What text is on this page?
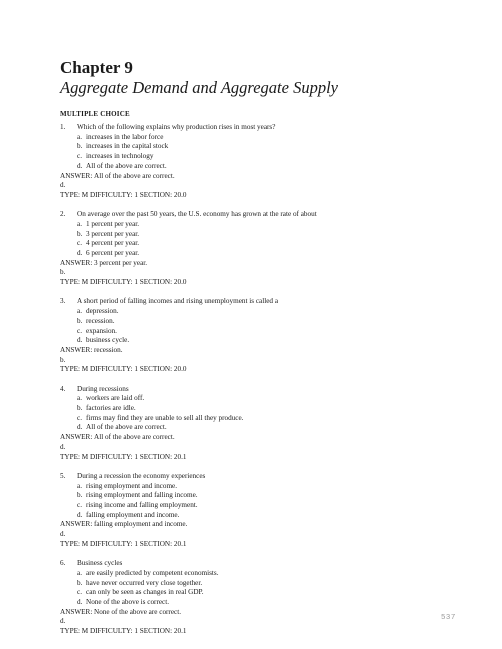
Chapter 9
Aggregate Demand and Aggregate Supply
MULTIPLE CHOICE
1.	Which of the following explains why production rises in most years?
a. increases in the labor force
b. increases in the capital stock
c. increases in technology
d. All of the above are correct.
ANSWER: d.
All of the above are correct.
TYPE: M DIFFICULTY: 1 SECTION: 20.0
2.	On average over the past 50 years, the U.S. economy has grown at the rate of about
a. 1 percent per year.
b. 3 percent per year.
c. 4 percent per year.
d. 6 percent per year.
ANSWER: b.
3 percent per year.
TYPE: M DIFFICULTY: 1 SECTION: 20.0
3.	A short period of falling incomes and rising unemployment is called a
a. depression.
b. recession.
c. expansion.
d. business cycle.
ANSWER: b.
recession.
TYPE: M DIFFICULTY: 1 SECTION: 20.0
4.	During recessions
a. workers are laid off.
b. factories are idle.
c. firms may find they are unable to sell all they produce.
d. All of the above are correct.
ANSWER: d.
All of the above are correct.
TYPE: M DIFFICULTY: 1 SECTION: 20.1
5.	During a recession the economy experiences
a. rising employment and income.
b. rising employment and falling income.
c. rising income and falling employment.
d. falling employment and income.
ANSWER: d.
falling employment and income.
TYPE: M DIFFICULTY: 1 SECTION: 20.1
6.	Business cycles
a. are easily predicted by competent economists.
b. have never occurred very close together.
c. can only be seen as changes in real GDP.
d. None of the above is correct.
ANSWER: d.
None of the above are correct.
TYPE: M DIFFICULTY: 1 SECTION: 20.1
537
